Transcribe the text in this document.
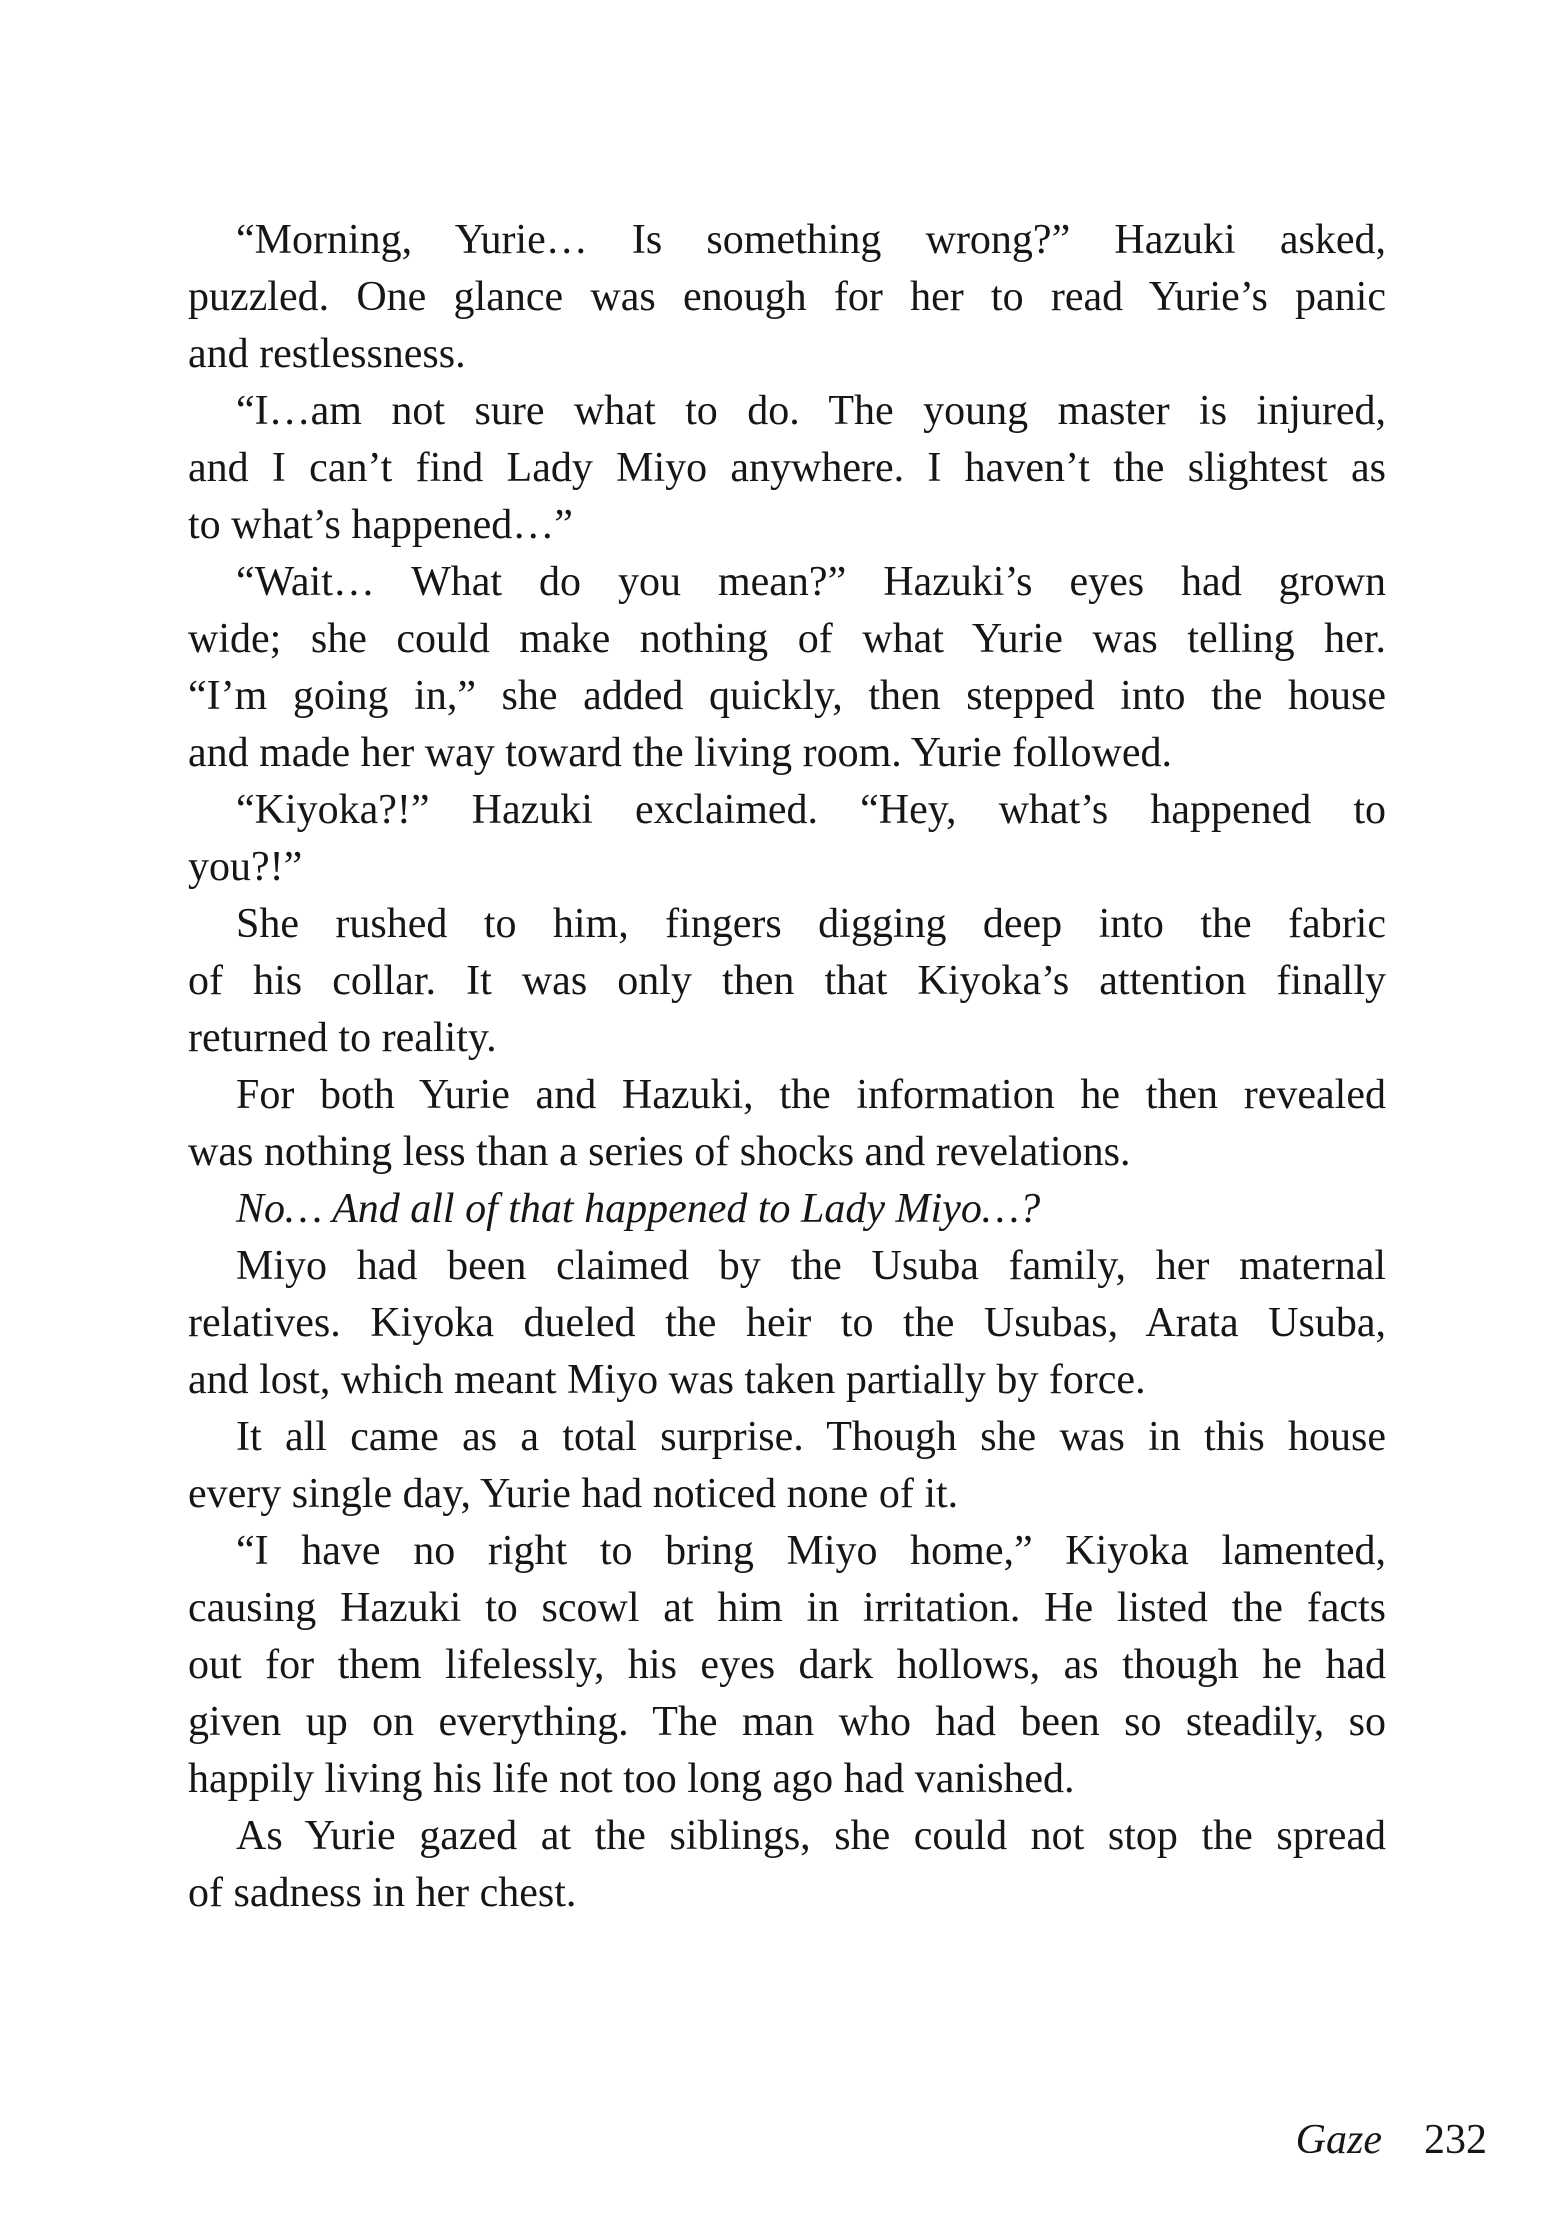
“Morning, Yurie… Is something wrong?” Hazuki asked,
puzzled. One glance was enough for her to read Yurie’s panic
and restlessness.

“I…am not sure what to do. The young master is injured,
and I can’t find Lady Miyo anywhere. I haven’t the slightest as
to what’s happened…”

“Wait… What do you mean?” Hazuki’s eyes had grown
wide; she could make nothing of what Yurie was telling her.
“I’m going in,” she added quickly, then stepped into the house
and made her way toward the living room. Yurie followed.

“Kiyoka?!” Hazuki exclaimed. “Hey, what’s happened to
you?!”

She rushed to him, fingers digging deep into the fabric
of his collar. It was only then that Kiyoka’s attention finally
returned to reality.

For both Yurie and Hazuki, the information he then revealed
was nothing less than a series of shocks and revelations.

No… And all of that happened to Lady Miyo…?

Miyo had been claimed by the Usuba family, her maternal
relatives. Kiyoka dueled the heir to the Usubas, Arata Usuba,
and lost, which meant Miyo was taken partially by force.

It all came as a total surprise. Though she was in this house
every single day, Yurie had noticed none of it.

“I have no right to bring Miyo home,” Kiyoka lamented,
causing Hazuki to scowl at him in irritation. He listed the facts
out for them lifelessly, his eyes dark hollows, as though he had
given up on everything. The man who had been so steadily, so
happily living his life not too long ago had vanished.

As Yurie gazed at the siblings, she could not stop the spread
of sadness in her chest.

Gaze 232
